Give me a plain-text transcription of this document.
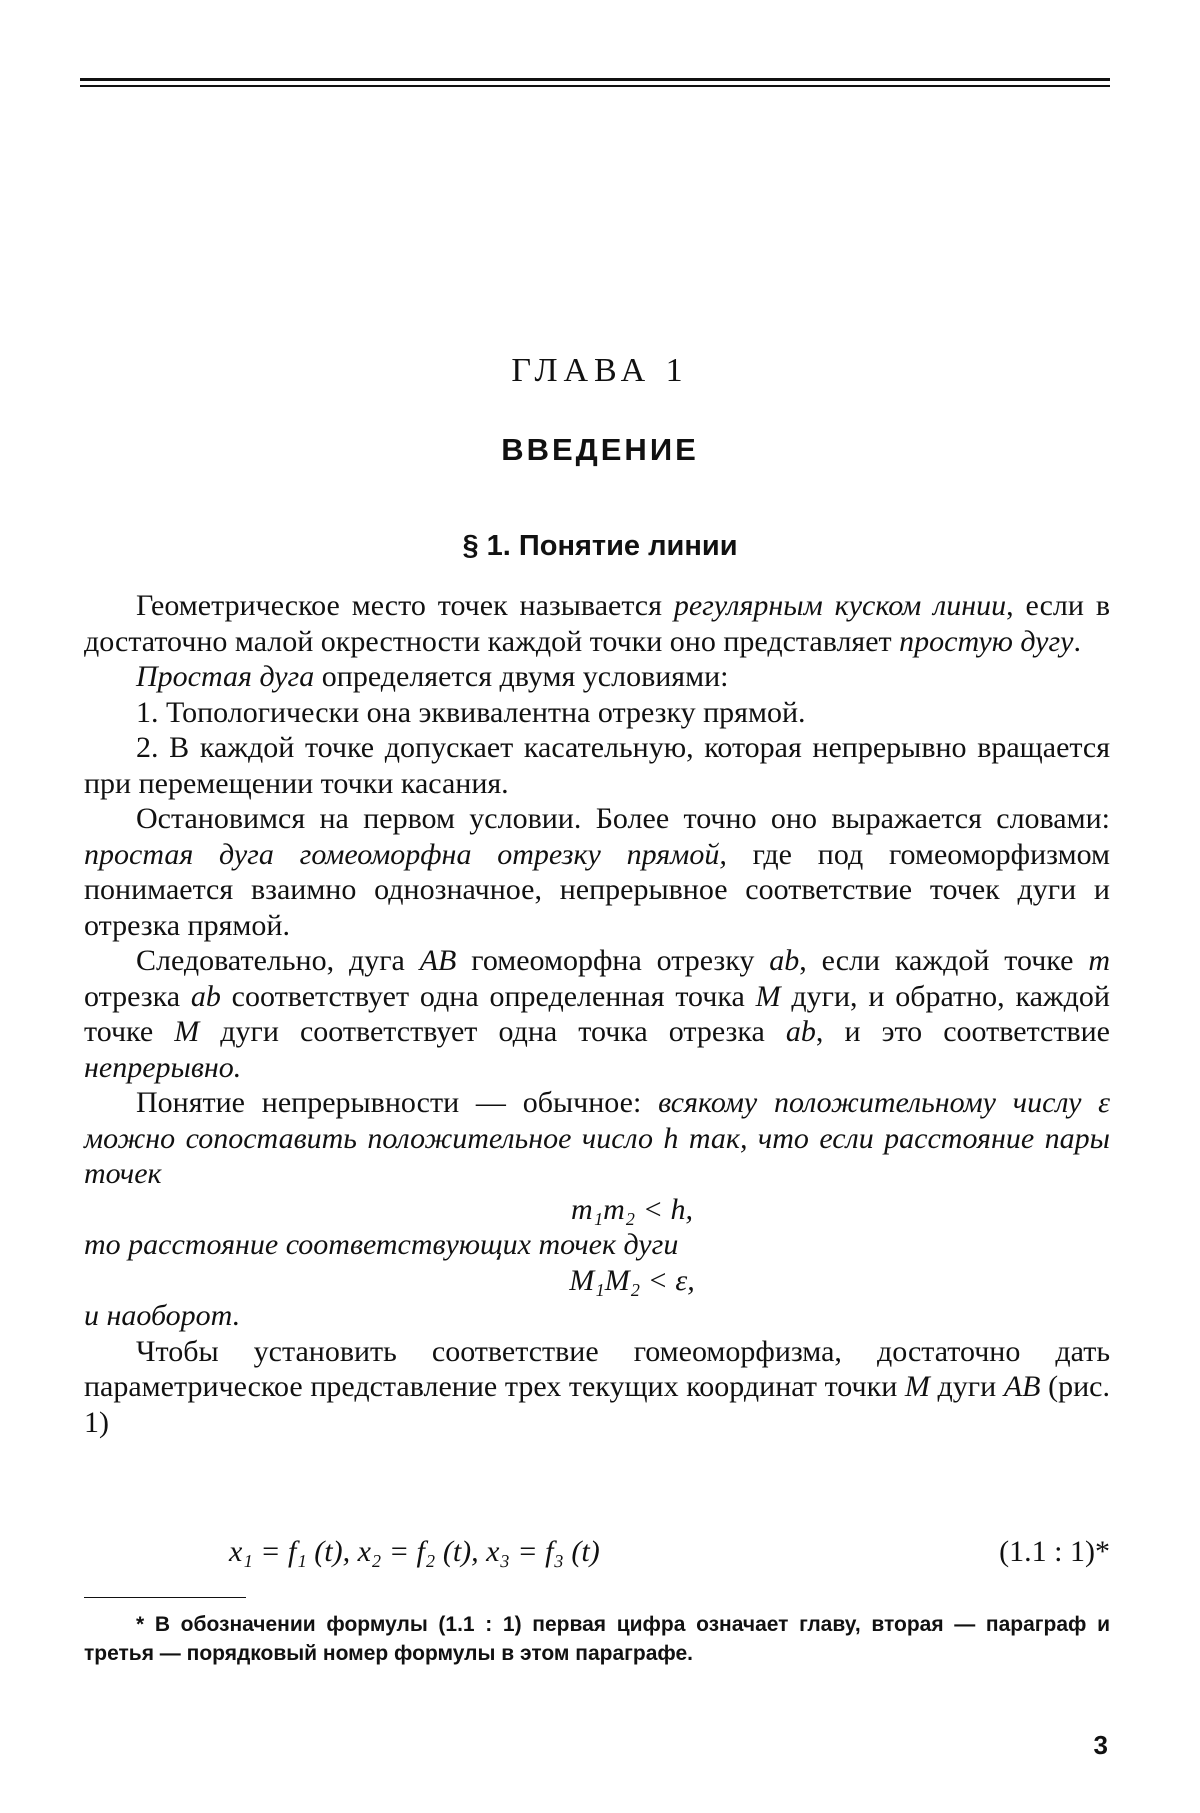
ГЛАВА 1
ВВЕДЕНИЕ
§ 1. Понятие линии

Геометрическое место точек называется регулярным куском линии, если в достаточно малой окрестности каждой точки оно представляет простую дугу.

Простая дуга определяется двумя условиями:

1. Топологически она эквивалентна отрезку прямой.

2. В каждой точке допускает касательную, которая непрерывно вращается при перемещении точки касания.

Остановимся на первом условии. Более точно оно выражается словами: простая дуга гомеоморфна отрезку прямой, где под гомеоморфизмом понимается взаимно однозначное, непрерывное соответствие точек дуги и отрезка прямой.

Следовательно, дуга AB гомеоморфна отрезку ab, если каждой точке m отрезка ab соответствует одна определенная точка M дуги, и обратно, каждой точке M дуги соответствует одна точка отрезка ab, и это соответствие непрерывно.

Понятие непрерывности — обычное: всякому положительному числу ε можно сопоставить положительное число h так, что если расстояние пары точек

m₁m₂ < h,

то расстояние соответствующих точек дуги

M₁M₂ < ε,

и наоборот.

Чтобы установить соответствие гомеоморфизма, достаточно дать параметрическое представление трех текущих координат точки M дуги AB (рис. 1)

x₁ = f₁ (t), x₂ = f₂ (t), x₃ = f₃ (t)	(1.1 : 1)*
* В обозначении формулы (1.1 : 1) первая цифра означает главу, вторая — параграф и третья — порядковый номер формулы в этом параграфе.
3
